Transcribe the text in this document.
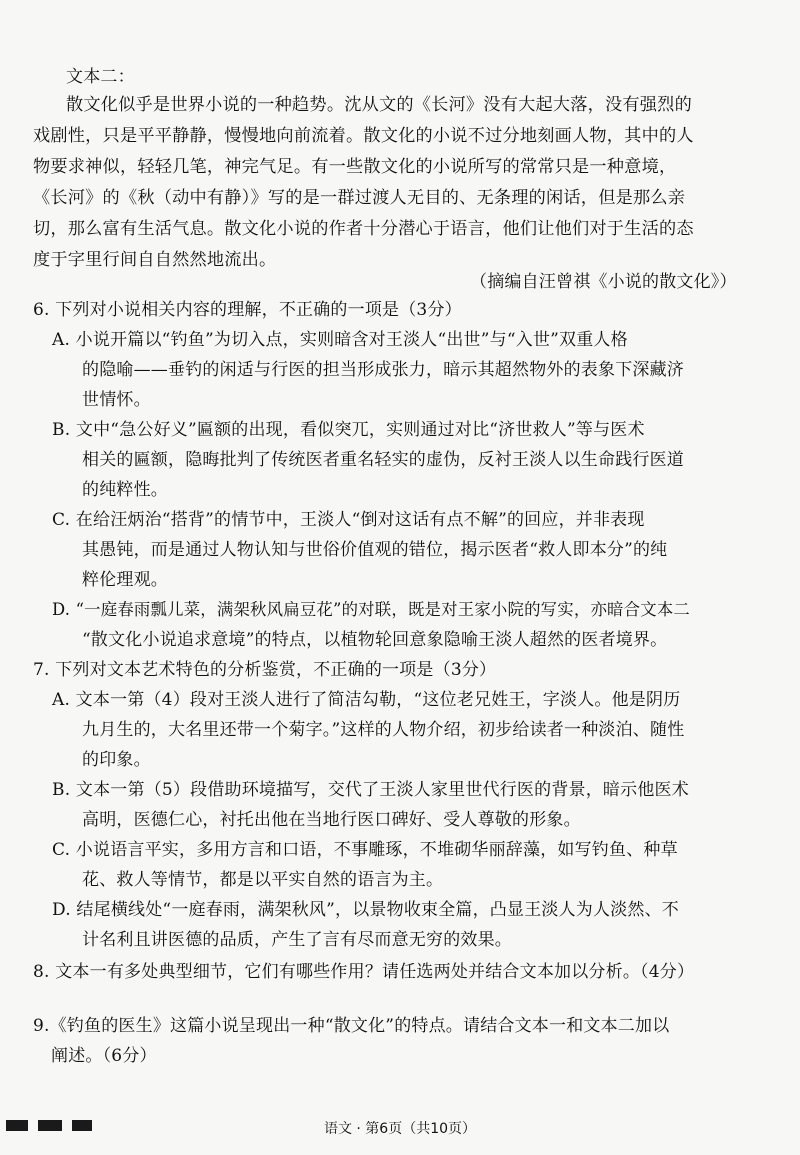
文本二：
散文化似乎是世界小说的一种趋势。沈从文的《长河》没有大起大落，没有强烈的
戏剧性，只是平平静静，慢慢地向前流着。散文化的小说不过分地刻画人物，其中的人
物要求神似，轻轻几笔，神完气足。有一些散文化的小说所写的常常只是一种意境，
《长河》的《秋（动中有静）》写的是一群过渡人无目的、无条理的闲话，但是那么亲
切，那么富有生活气息。散文化小说的作者十分潜心于语言，他们让他们对于生活的态
度于字里行间自自然然地流出。
（摘编自汪曾祺《小说的散文化》）
6. 下列对小说相关内容的理解，不正确的一项是（3分）
A. 小说开篇以“钓鱼”为切入点，实则暗含对王淡人“出世”与“入世”双重人格
的隐喻——垂钓的闲适与行医的担当形成张力，暗示其超然物外的表象下深藏济
世情怀。
B. 文中“急公好义”匾额的出现，看似突兀，实则通过对比“济世救人”等与医术
相关的匾额，隐晦批判了传统医者重名轻实的虚伪，反衬王淡人以生命践行医道
的纯粹性。
C. 在给汪炳治“搭背”的情节中，王淡人“倒对这话有点不解”的回应，并非表现
其愚钝，而是通过人物认知与世俗价值观的错位，揭示医者“救人即本分”的纯
粹伦理观。
D. “一庭春雨瓢儿菜，满架秋风扁豆花”的对联，既是对王家小院的写实，亦暗合文本二
“散文化小说追求意境”的特点，以植物轮回意象隐喻王淡人超然的医者境界。
7. 下列对文本艺术特色的分析鉴赏，不正确的一项是（3分）
A. 文本一第（4）段对王淡人进行了简洁勾勒，“这位老兄姓王，字淡人。他是阴历
九月生的，大名里还带一个菊字。”这样的人物介绍，初步给读者一种淡泊、随性
的印象。
B. 文本一第（5）段借助环境描写，交代了王淡人家里世代行医的背景，暗示他医术
高明，医德仁心，衬托出他在当地行医口碑好、受人尊敬的形象。
C. 小说语言平实，多用方言和口语，不事雕琢，不堆砌华丽辞藻，如写钓鱼、种草
花、救人等情节，都是以平实自然的语言为主。
D. 结尾横线处“一庭春雨，满架秋风”，以景物收束全篇，凸显王淡人为人淡然、不
计名利且讲医德的品质，产生了言有尽而意无穷的效果。
8. 文本一有多处典型细节，它们有哪些作用？请任选两处并结合文本加以分析。（4分）
9.《钓鱼的医生》这篇小说呈现出一种“散文化”的特点。请结合文本一和文本二加以
阐述。（6分）
语文 · 第6页（共10页）
